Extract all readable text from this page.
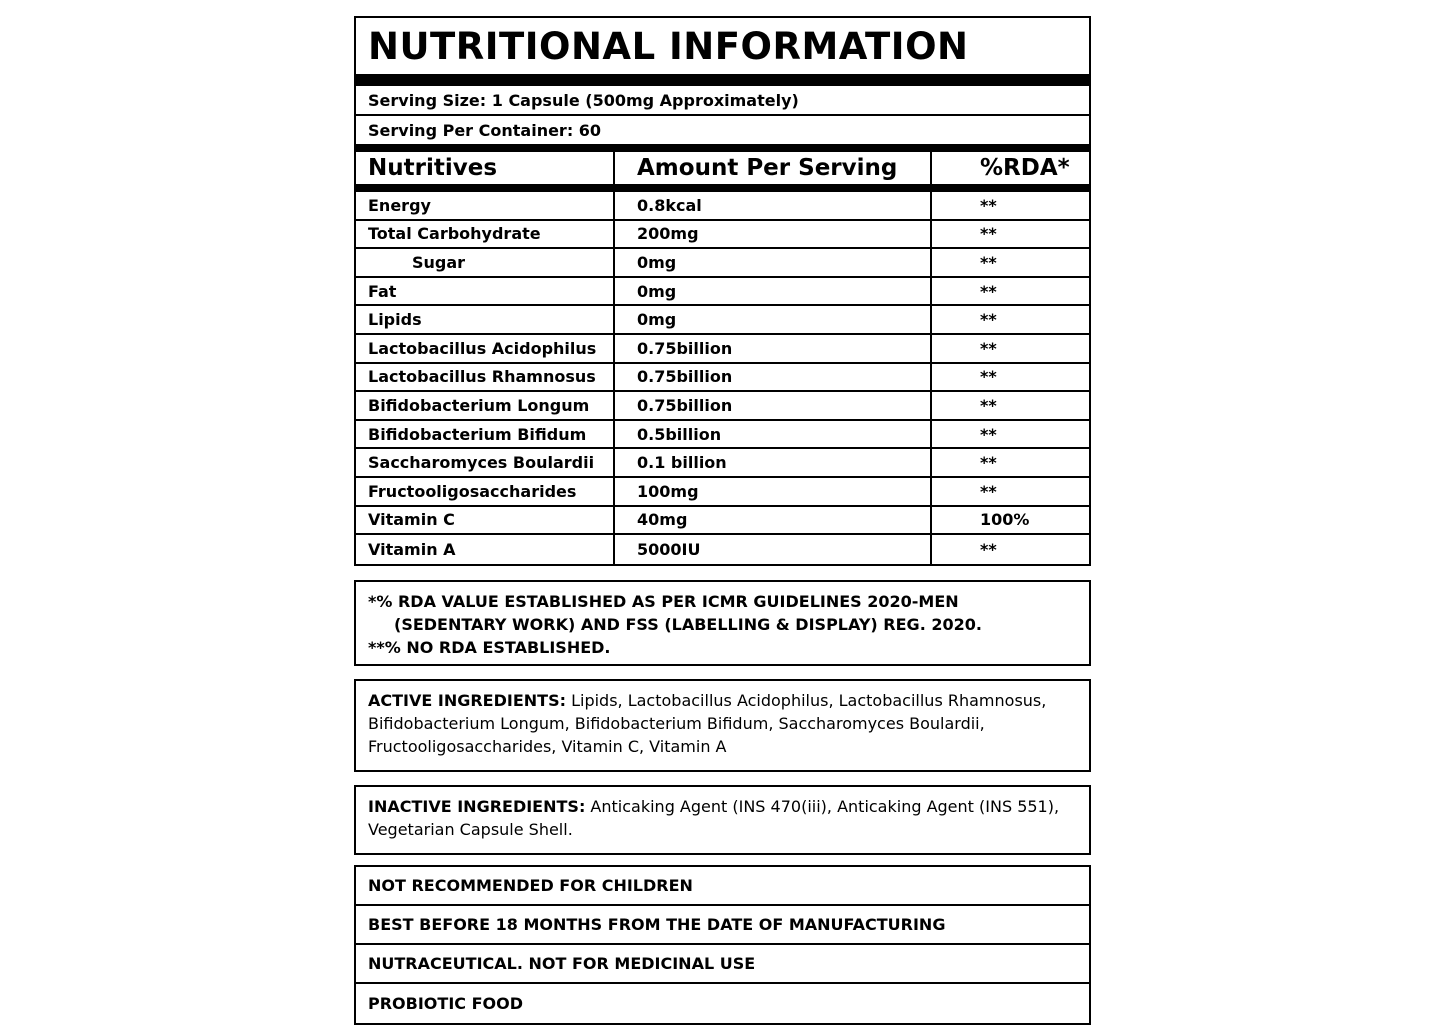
NUTRITIONAL INFORMATION
Serving Size: 1 Capsule (500mg Approximately)
Serving Per Container: 60
Nutritives	Amount Per Serving	%RDA*
Energy	0.8kcal	**
Total Carbohydrate	200mg	**
Sugar	0mg	**
Fat	0mg	**
Lipids	0mg	**
Lactobacillus Acidophilus	0.75billion	**
Lactobacillus Rhamnosus	0.75billion	**
Bifidobacterium Longum	0.75billion	**
Bifidobacterium Bifidum	0.5billion	**
Saccharomyces Boulardii	0.1 billion	**
Fructooligosaccharides	100mg	**
Vitamin C	40mg	100%
Vitamin A	5000IU	**
*% RDA VALUE ESTABLISHED AS PER ICMR GUIDELINES 2020-MEN
(SEDENTARY WORK) AND FSS (LABELLING & DISPLAY) REG. 2020.
**% NO RDA ESTABLISHED.
ACTIVE INGREDIENTS: Lipids, Lactobacillus Acidophilus, Lactobacillus Rhamnosus, Bifidobacterium Longum, Bifidobacterium Bifidum, Saccharomyces Boulardii, Fructooligosaccharides, Vitamin C, Vitamin A
INACTIVE INGREDIENTS: Anticaking Agent (INS 470(iii), Anticaking Agent (INS 551), Vegetarian Capsule Shell.
NOT RECOMMENDED FOR CHILDREN
BEST BEFORE 18 MONTHS FROM THE DATE OF MANUFACTURING
NUTRACEUTICAL. NOT FOR MEDICINAL USE
PROBIOTIC FOOD
